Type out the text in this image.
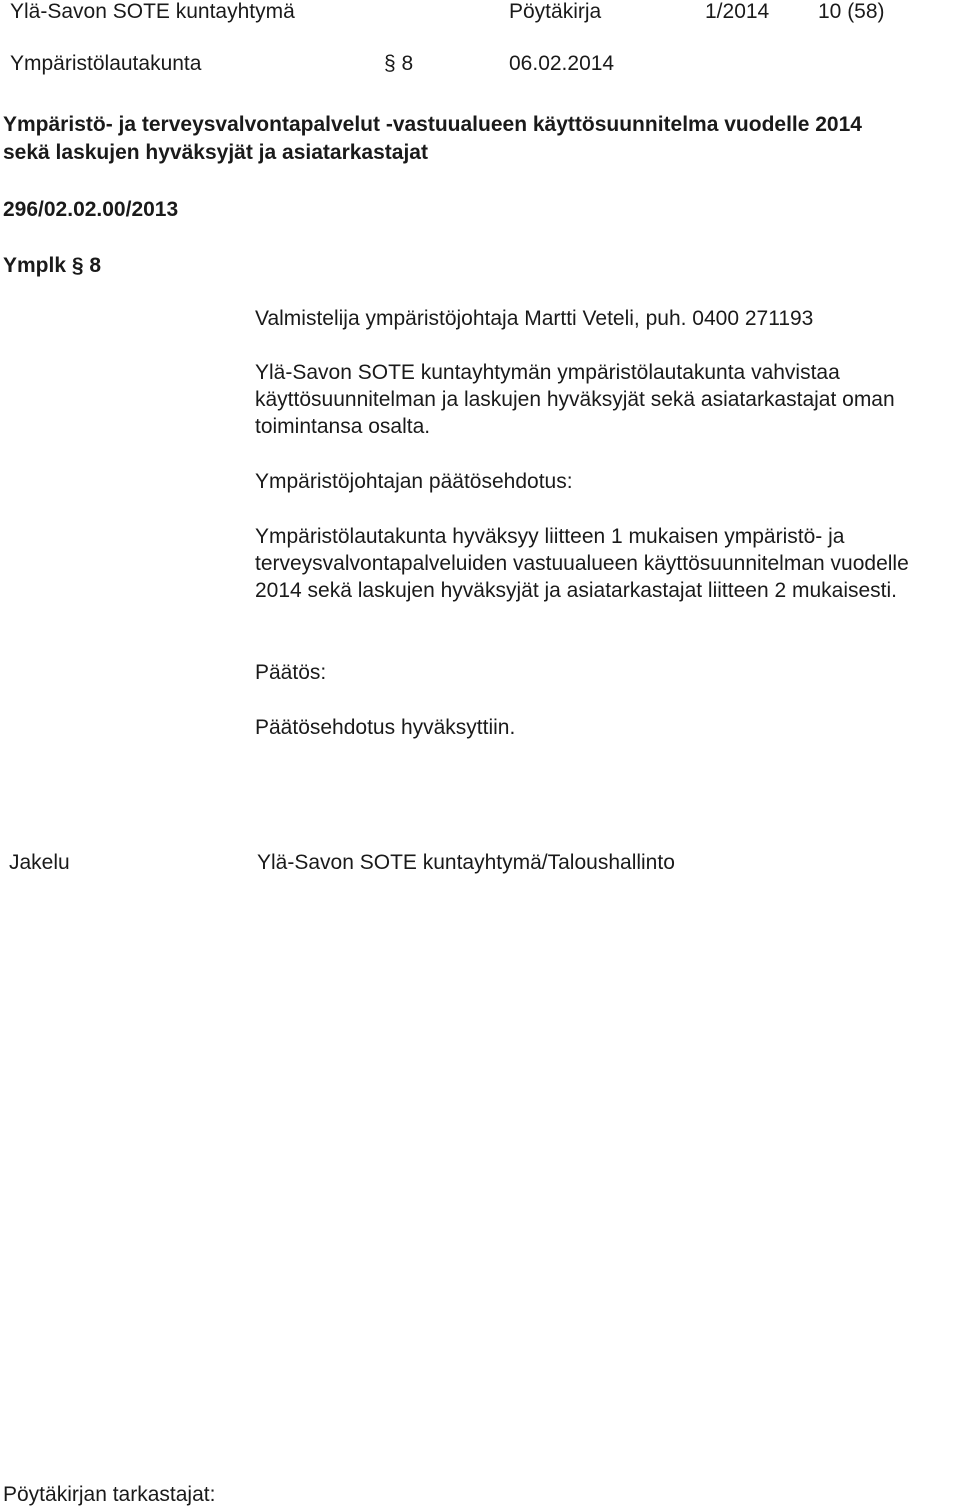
Ylä-Savon SOTE kuntayhtymä	Pöytäkirja	1/2014 10 (58)
Ympäristölautakunta	§ 8	06.02.2014
Ympäristö- ja terveysvalvontapalvelut -vastuualueen käyttösuunnitelma vuodelle 2014
sekä laskujen hyväksyjät ja asiatarkastajat
296/02.02.00/2013
Ymplk § 8
Valmistelija ympäristöjohtaja Martti Veteli, puh. 0400 271193
Ylä-Savon SOTE kuntayhtymän ympäristölautakunta vahvistaa käyttösuunnitelman ja laskujen hyväksyjät sekä asiatarkastajat oman toimintansa osalta.
Ympäristöjohtajan päätösehdotus:
Ympäristölautakunta hyväksyy liitteen 1 mukaisen ympäristö- ja terveysvalvontapalveluiden vastuualueen käyttösuunnitelman vuodelle 2014 sekä laskujen hyväksyjät ja asiatarkastajat liitteen 2 mukaisesti.
Päätös:
Päätösehdotus hyväksyttiin.
Jakelu	Ylä-Savon SOTE kuntayhtymä/Taloushallinto
Pöytäkirjan tarkastajat:
